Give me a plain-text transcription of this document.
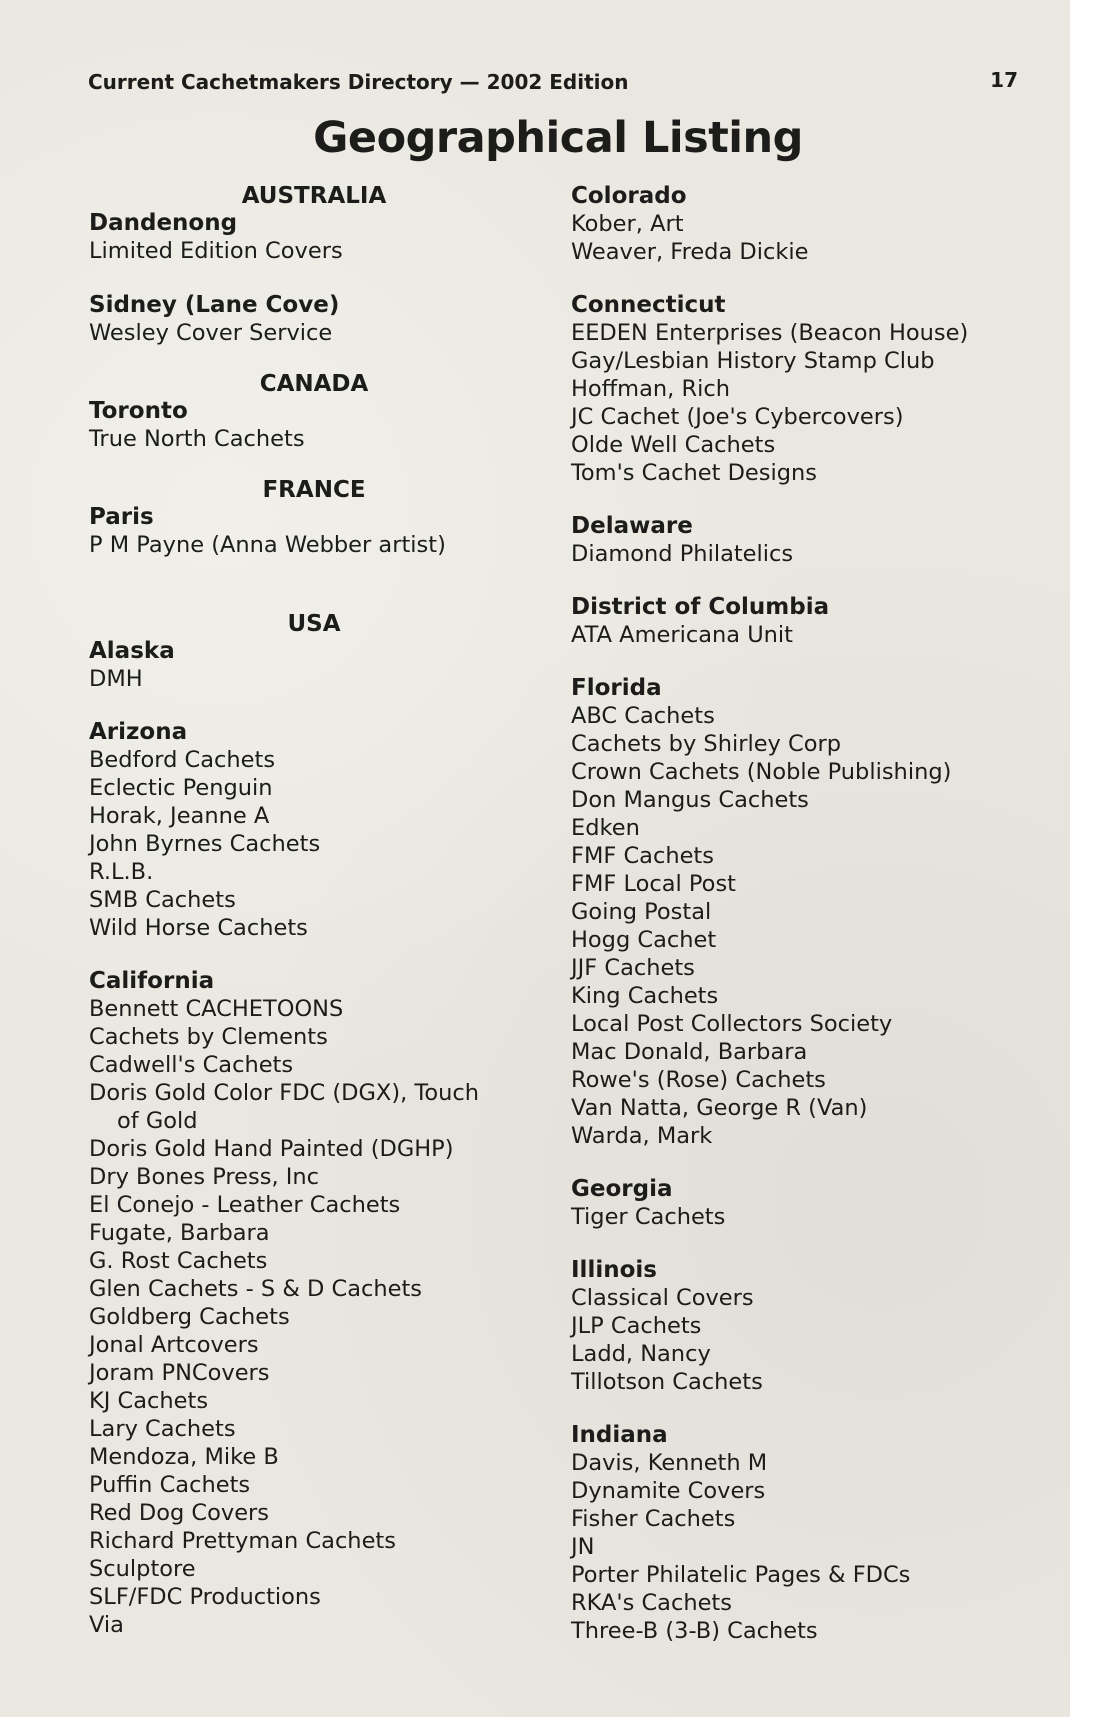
Current Cachetmakers Directory — 2002 Edition	17
Geographical Listing
AUSTRALIA
Dandenong
Limited Edition Covers
Sidney (Lane Cove)
Wesley Cover Service
CANADA
Toronto
True North Cachets
FRANCE
Paris
P M Payne (Anna Webber artist)
USA
Alaska
DMH
Arizona
Bedford Cachets
Eclectic Penguin
Horak, Jeanne A
John Byrnes Cachets
R.L.B.
SMB Cachets
Wild Horse Cachets
California
Bennett CACHETOONS
Cachets by Clements
Cadwell's Cachets
Doris Gold Color FDC (DGX), Touch
of Gold
Doris Gold Hand Painted (DGHP)
Dry Bones Press, Inc
El Conejo - Leather Cachets
Fugate, Barbara
G. Rost Cachets
Glen Cachets - S & D Cachets
Goldberg Cachets
Jonal Artcovers
Joram PNCovers
KJ Cachets
Lary Cachets
Mendoza, Mike B
Puffin Cachets
Red Dog Covers
Richard Prettyman Cachets
Sculptore
SLF/FDC Productions
Via
Colorado
Kober, Art
Weaver, Freda Dickie
Connecticut
EEDEN Enterprises (Beacon House)
Gay/Lesbian History Stamp Club
Hoffman, Rich
JC Cachet (Joe's Cybercovers)
Olde Well Cachets
Tom's Cachet Designs
Delaware
Diamond Philatelics
District of Columbia
ATA Americana Unit
Florida
ABC Cachets
Cachets by Shirley Corp
Crown Cachets (Noble Publishing)
Don Mangus Cachets
Edken
FMF Cachets
FMF Local Post
Going Postal
Hogg Cachet
JJF Cachets
King Cachets
Local Post Collectors Society
Mac Donald, Barbara
Rowe's (Rose) Cachets
Van Natta, George R (Van)
Warda, Mark
Georgia
Tiger Cachets
Illinois
Classical Covers
JLP Cachets
Ladd, Nancy
Tillotson Cachets
Indiana
Davis, Kenneth M
Dynamite Covers
Fisher Cachets
JN
Porter Philatelic Pages & FDCs
RKA's Cachets
Three-B (3-B) Cachets
